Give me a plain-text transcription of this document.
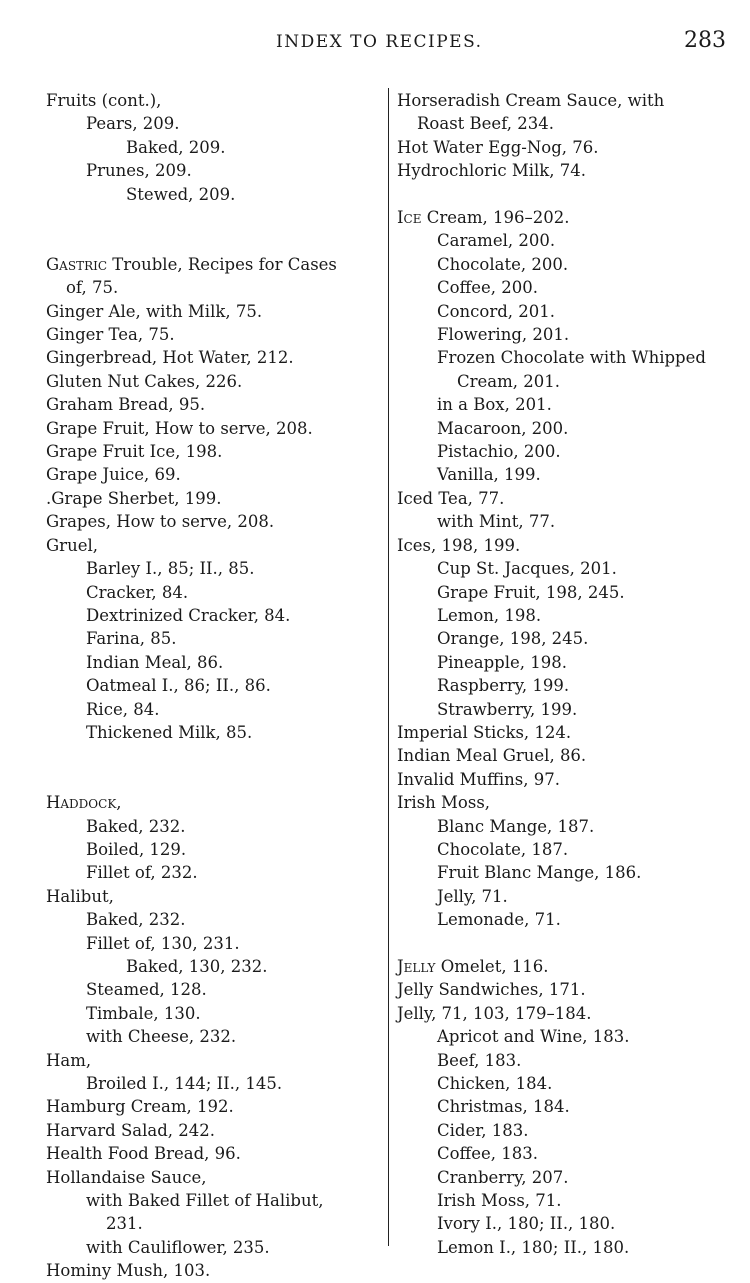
INDEX TO RECIPES.	283
Fruits (cont.),
Pears, 209.
Baked, 209.
Prunes, 209.
Stewed, 209.
Gastric Trouble, Recipes for Cases
of, 75.
Ginger Ale, with Milk, 75.
Ginger Tea, 75.
Gingerbread, Hot Water, 212.
Gluten Nut Cakes, 226.
Graham Bread, 95.
Grape Fruit, How to serve, 208.
Grape Fruit Ice, 198.
Grape Juice, 69.
.Grape Sherbet, 199.
Grapes, How to serve, 208.
Gruel,
Barley I., 85; II., 85.
Cracker, 84.
Dextrinized Cracker, 84.
Farina, 85.
Indian Meal, 86.
Oatmeal I., 86; II., 86.
Rice, 84.
Thickened Milk, 85.
Haddock,
Baked, 232.
Boiled, 129.
Fillet of, 232.
Halibut,
Baked, 232.
Fillet of, 130, 231.
Baked, 130, 232.
Steamed, 128.
Timbale, 130.
with Cheese, 232.
Ham,
Broiled I., 144; II., 145.
Hamburg Cream, 192.
Harvard Salad, 242.
Health Food Bread, 96.
Hollandaise Sauce,
with Baked Fillet of Halibut,
231.
with Cauliflower, 235.
Hominy Mush, 103.
Horseradish Cream Sauce, with
Roast Beef, 234.
Hot Water Egg-Nog, 76.
Hydrochloric Milk, 74.
Ice Cream, 196–202.
Caramel, 200.
Chocolate, 200.
Coffee, 200.
Concord, 201.
Flowering, 201.
Frozen Chocolate with Whipped
Cream, 201.
in a Box, 201.
Macaroon, 200.
Pistachio, 200.
Vanilla, 199.
Iced Tea, 77.
with Mint, 77.
Ices, 198, 199.
Cup St. Jacques, 201.
Grape Fruit, 198, 245.
Lemon, 198.
Orange, 198, 245.
Pineapple, 198.
Raspberry, 199.
Strawberry, 199.
Imperial Sticks, 124.
Indian Meal Gruel, 86.
Invalid Muffins, 97.
Irish Moss,
Blanc Mange, 187.
Chocolate, 187.
Fruit Blanc Mange, 186.
Jelly, 71.
Lemonade, 71.
Jelly Omelet, 116.
Jelly Sandwiches, 171.
Jelly, 71, 103, 179–184.
Apricot and Wine, 183.
Beef, 183.
Chicken, 184.
Christmas, 184.
Cider, 183.
Coffee, 183.
Cranberry, 207.
Irish Moss, 71.
Ivory I., 180; II., 180.
Lemon I., 180; II., 180.
